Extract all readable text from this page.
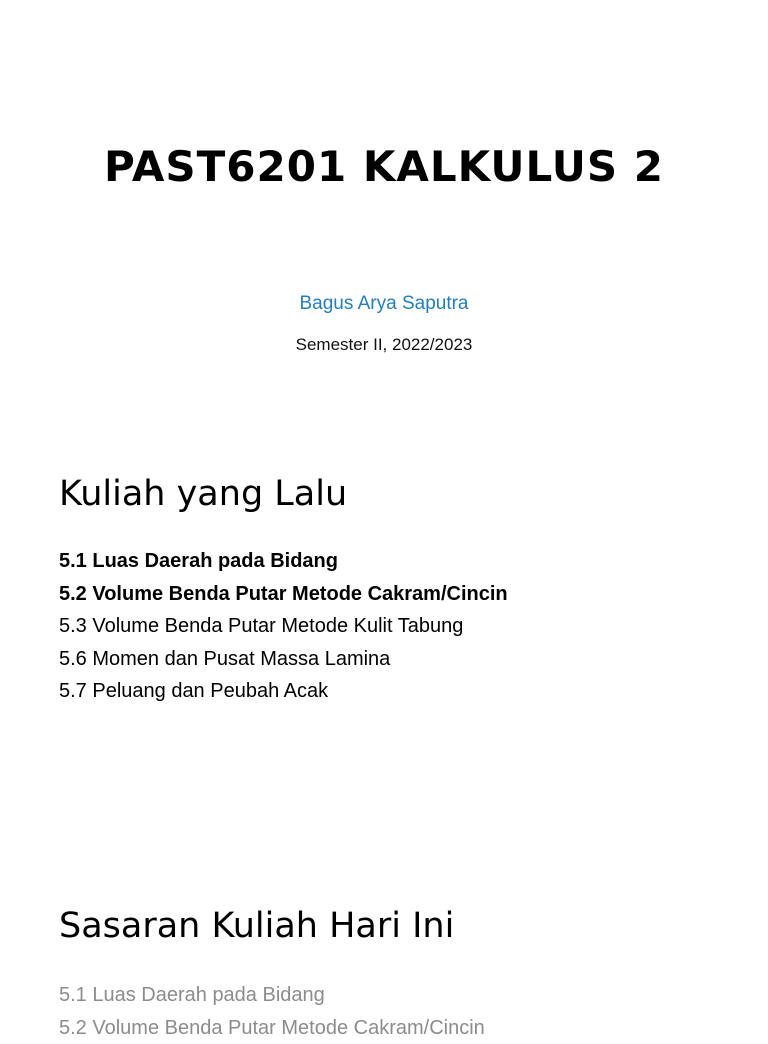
PAST6201 KALKULUS 2
Bagus Arya Saputra
Semester II, 2022/2023
Kuliah yang Lalu
5.1 Luas Daerah pada Bidang
5.2 Volume Benda Putar Metode Cakram/Cincin
5.3 Volume Benda Putar Metode Kulit Tabung
5.6 Momen dan Pusat Massa Lamina
5.7 Peluang dan Peubah Acak
Sasaran Kuliah Hari Ini
5.1 Luas Daerah pada Bidang
5.2 Volume Benda Putar Metode Cakram/Cincin
